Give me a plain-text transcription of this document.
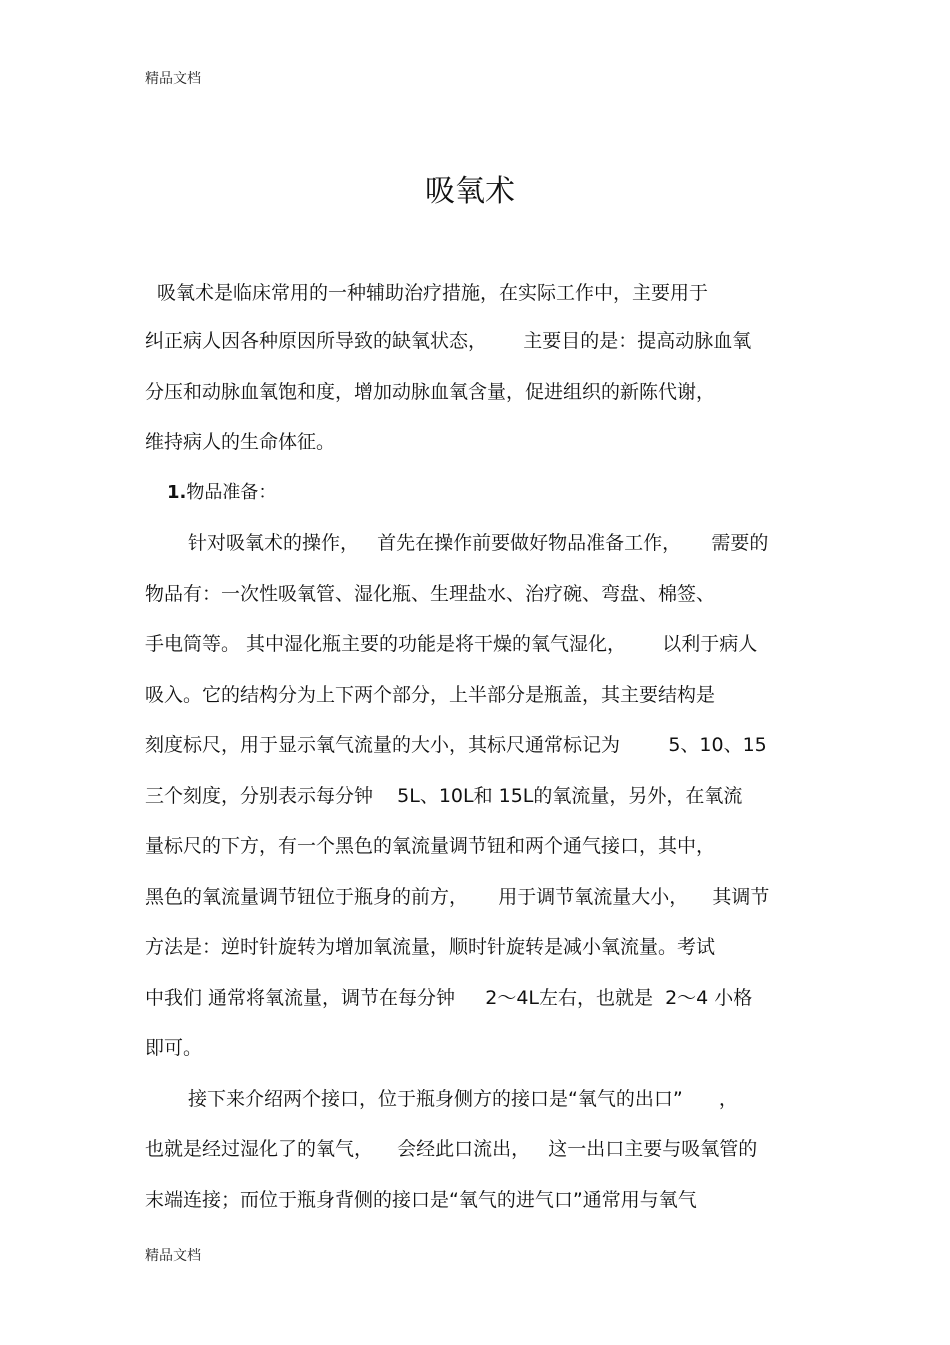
精品文档
吸氧术
吸氧术是临床常用的一种辅助治疗措施，在实际工作中，主要用于
纠正病人因各种原因所导致的缺氧状态，      主要目的是：提高动脉血氧
分压和动脉血氧饱和度，增加动脉血氧含量，促进组织的新陈代谢，
维持病人的生命体征。
1.物品准备：
针对吸氧术的操作，   首先在操作前要做好物品准备工作，     需要的
物品有：一次性吸氧管、湿化瓶、生理盐水、治疗碗、弯盘、棉签、
手电筒等。 其中湿化瓶主要的功能是将干燥的氧气湿化，      以利于病人
吸入。它的结构分为上下两个部分，上半部分是瓶盖，其主要结构是
刻度标尺，用于显示氧气流量的大小，其标尺通常标记为        5、10、15
三个刻度，分别表示每分钟    5L、10L和 15L的氧流量，另外，在氧流
量标尺的下方，有一个黑色的氧流量调节钮和两个通气接口，其中，
黑色的氧流量调节钮位于瓶身的前方，     用于调节氧流量大小，    其调节
方法是：逆时针旋转为增加氧流量，顺时针旋转是减小氧流量。考试
中我们 通常将氧流量，调节在每分钟     2～4L左右，也就是  2～4 小格
即可。
接下来介绍两个接口，位于瓶身侧方的接口是“氧气的出口”      ，
也就是经过湿化了的氧气，    会经此口流出，   这一出口主要与吸氧管的
末端连接；而位于瓶身背侧的接口是“氧气的进气口”通常用与氧气
精品文档
